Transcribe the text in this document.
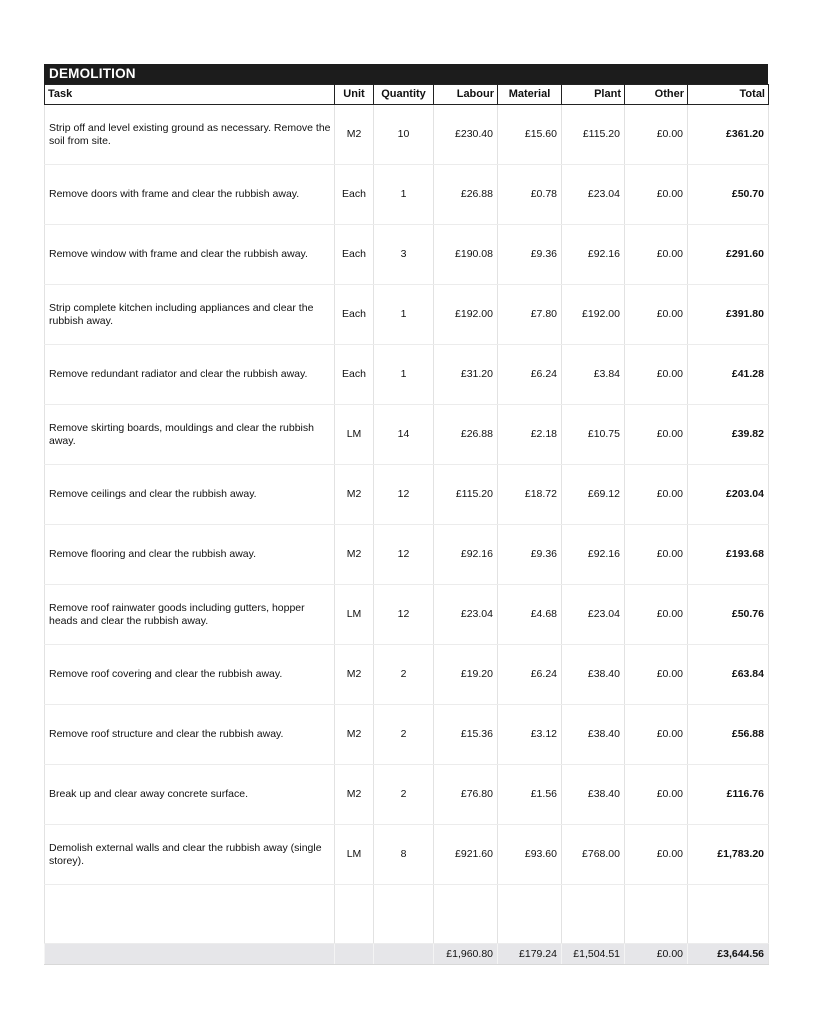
DEMOLITION
Task	Unit	Quantity	Labour	Material	Plant	Other	Total
Strip off and level existing ground as necessary. Remove the soil from site.	M2	10	£230.40	£15.60	£115.20	£0.00	£361.20
Remove doors with frame and clear the rubbish away.	Each	1	£26.88	£0.78	£23.04	£0.00	£50.70
Remove window with frame and clear the rubbish away.	Each	3	£190.08	£9.36	£92.16	£0.00	£291.60
Strip complete kitchen including appliances and clear the rubbish away.	Each	1	£192.00	£7.80	£192.00	£0.00	£391.80
Remove redundant radiator and clear the rubbish away.	Each	1	£31.20	£6.24	£3.84	£0.00	£41.28
Remove skirting boards, mouldings and clear the rubbish away.	LM	14	£26.88	£2.18	£10.75	£0.00	£39.82
Remove ceilings and clear the rubbish away.	M2	12	£115.20	£18.72	£69.12	£0.00	£203.04
Remove flooring and clear the rubbish away.	M2	12	£92.16	£9.36	£92.16	£0.00	£193.68
Remove roof rainwater goods including gutters, hopper heads and clear the rubbish away.	LM	12	£23.04	£4.68	£23.04	£0.00	£50.76
Remove roof covering and clear the rubbish away.	M2	2	£19.20	£6.24	£38.40	£0.00	£63.84
Remove roof structure and clear the rubbish away.	M2	2	£15.36	£3.12	£38.40	£0.00	£56.88
Break up and clear away concrete surface.	M2	2	£76.80	£1.56	£38.40	£0.00	£116.76
Demolish external walls and clear the rubbish away (single storey).	LM	8	£921.60	£93.60	£768.00	£0.00	£1,783.20

			£1,960.80	£179.24	£1,504.51	£0.00	£3,644.56
